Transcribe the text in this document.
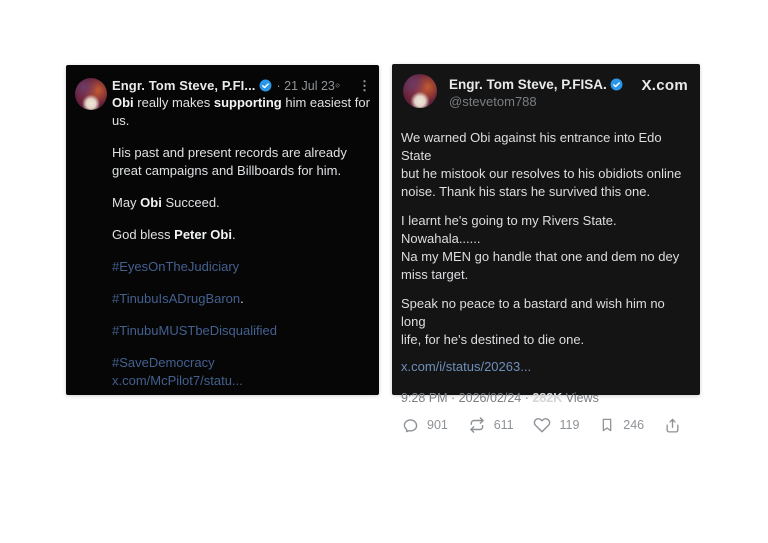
Engr. Tom Steve, P.FI... · 21 Jul 23 ⋮

Obi really makes supporting him easiest for
us.

His past and present records are already
great campaigns and Billboards for him.

May Obi Succeed.

God bless Peter Obi.

#EyesOnTheJudiciary

#TinubuIsADrugBaron.

#TinubuMUSTbeDisqualified

#SaveDemocracy
x.com/McPilot7/statu...

Engr. Tom Steve, P.FISA.
@stevetom788
X.com

We warned Obi against his entrance into Edo State
but he mistook our resolves to his obidiots online
noise. Thank his stars he survived this one.

I learnt he's going to my Rivers State. Nowahala......
Na my MEN go handle that one and dem no dey
miss target.

Speak no peace to a bastard and wish him no long
life, for he's destined to die one.

x.com/i/status/20263...
9:28 PM · 2026/02/24 · 282K Views
901	611	119	246
